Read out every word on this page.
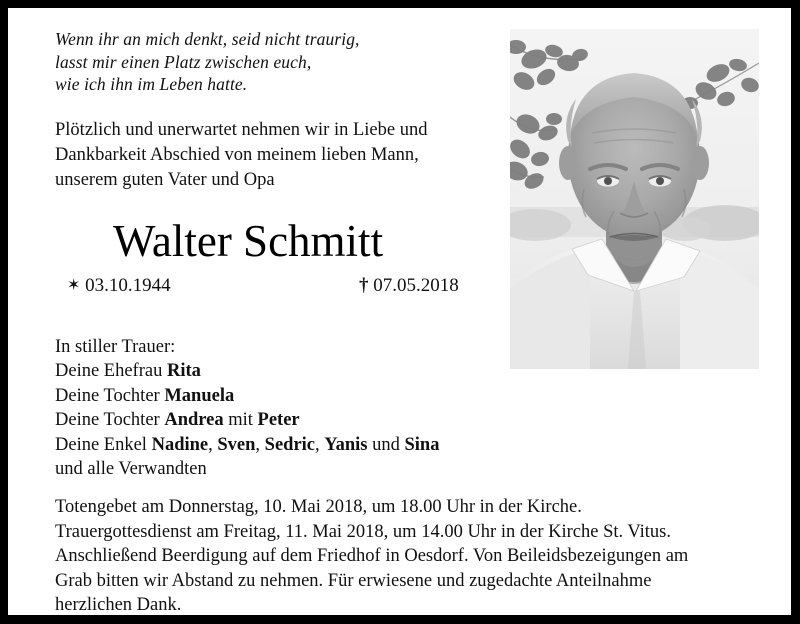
Wenn ihr an mich denkt, seid nicht traurig,
lasst mir einen Platz zwischen euch,
wie ich ihn im Leben hatte.
Plötzlich und unerwartet nehmen wir in Liebe und
Dankbarkeit Abschied von meinem lieben Mann,
unserem guten Vater und Opa
Walter Schmitt
✶ 03.10.1944	† 07.05.2018
In stiller Trauer:
Deine Ehefrau Rita
Deine Tochter Manuela
Deine Tochter Andrea mit Peter
Deine Enkel Nadine, Sven, Sedric, Yanis und Sina
und alle Verwandten
Totengebet am Donnerstag, 10. Mai 2018, um 18.00 Uhr in der Kirche.
Trauergottesdienst am Freitag, 11. Mai 2018, um 14.00 Uhr in der Kirche St. Vitus.
Anschließend Beerdigung auf dem Friedhof in Oesdorf. Von Beileidsbezeigungen am
Grab bitten wir Abstand zu nehmen. Für erwiesene und zugedachte Anteilnahme
herzlichen Dank.
